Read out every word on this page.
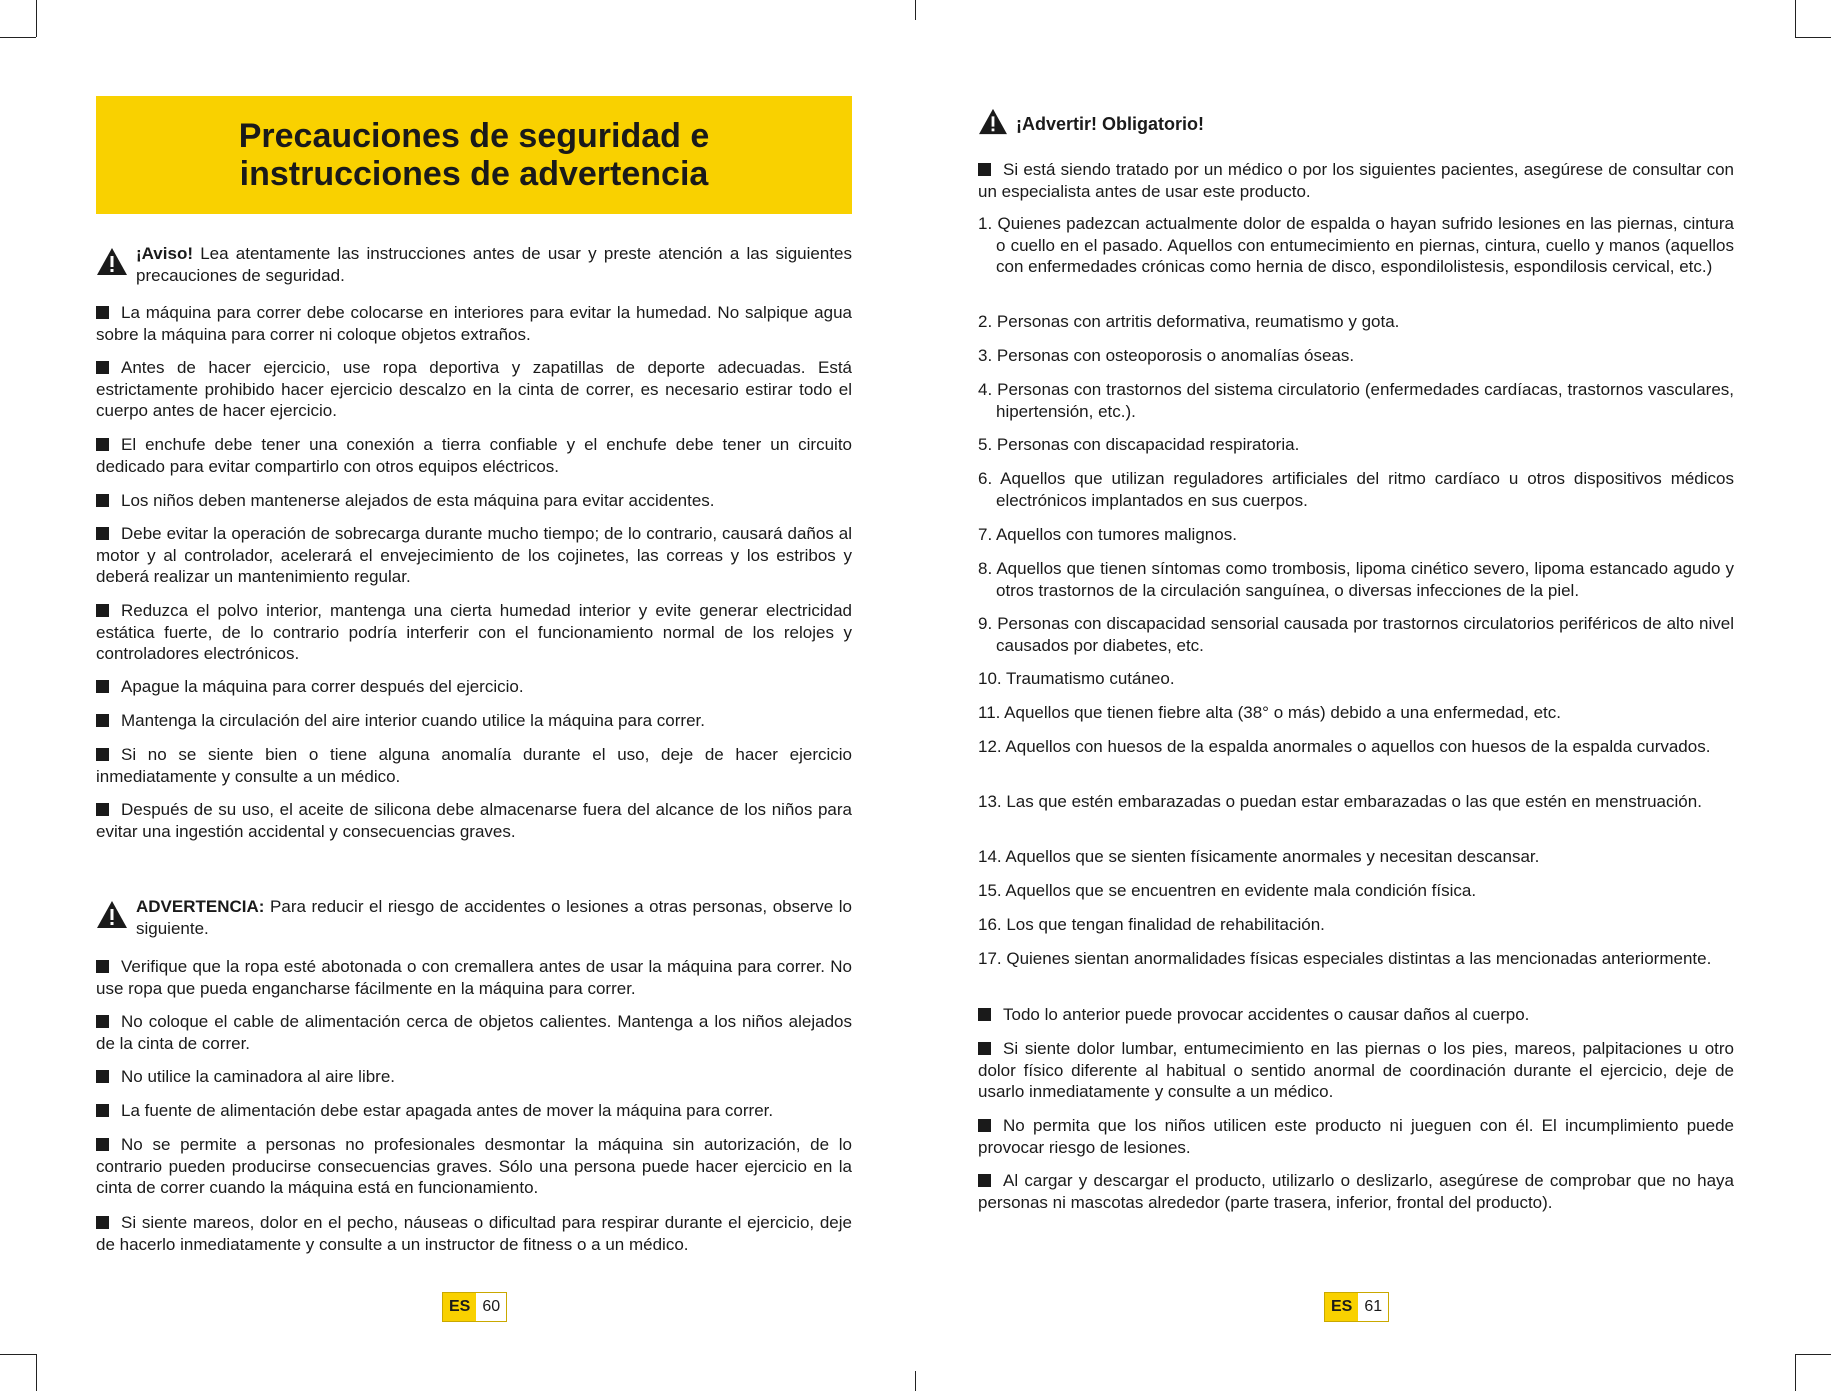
Precauciones de seguridad e instrucciones de advertencia
¡Aviso! Lea atentamente las instrucciones antes de usar y preste atención a las siguientes precauciones de seguridad.
La máquina para correr debe colocarse en interiores para evitar la humedad. No salpique agua sobre la máquina para correr ni coloque objetos extraños.
Antes de hacer ejercicio, use ropa deportiva y zapatillas de deporte adecuadas. Está estrictamente prohibido hacer ejercicio descalzo en la cinta de correr, es necesario estirar todo el cuerpo antes de hacer ejercicio.
El enchufe debe tener una conexión a tierra confiable y el enchufe debe tener un circuito dedicado para evitar compartirlo con otros equipos eléctricos.
Los niños deben mantenerse alejados de esta máquina para evitar accidentes.
Debe evitar la operación de sobrecarga durante mucho tiempo; de lo contrario, causará daños al motor y al controlador, acelerará el envejecimiento de los cojinetes, las correas y los estribos y deberá realizar un mantenimiento regular.
Reduzca el polvo interior, mantenga una cierta humedad interior y evite generar electricidad estática fuerte, de lo contrario podría interferir con el funcionamiento normal de los relojes y controladores electrónicos.
Apague la máquina para correr después del ejercicio.
Mantenga la circulación del aire interior cuando utilice la máquina para correr.
Si no se siente bien o tiene alguna anomalía durante el uso, deje de hacer ejercicio inmediatamente y consulte a un médico.
Después de su uso, el aceite de silicona debe almacenarse fuera del alcance de los niños para evitar una ingestión accidental y consecuencias graves.
ADVERTENCIA: Para reducir el riesgo de accidentes o lesiones a otras personas, observe lo siguiente.
Verifique que la ropa esté abotonada o con cremallera antes de usar la máquina para correr. No use ropa que pueda engancharse fácilmente en la máquina para correr.
No coloque el cable de alimentación cerca de objetos calientes. Mantenga a los niños alejados de la cinta de correr.
No utilice la caminadora al aire libre.
La fuente de alimentación debe estar apagada antes de mover la máquina para correr.
No se permite a personas no profesionales desmontar la máquina sin autorización, de lo contrario pueden producirse consecuencias graves. Sólo una persona puede hacer ejercicio en la cinta de correr cuando la máquina está en funcionamiento.
Si siente mareos, dolor en el pecho, náuseas o dificultad para respirar durante el ejercicio, deje de hacerlo inmediatamente y consulte a un instructor de fitness o a un médico.
ES 60
¡Advertir! Obligatorio!
Si está siendo tratado por un médico o por los siguientes pacientes, asegúrese de consultar con un especialista antes de usar este producto.
1. Quienes padezcan actualmente dolor de espalda o hayan sufrido lesiones en las piernas, cintura o cuello en el pasado. Aquellos con entumecimiento en piernas, cintura, cuello y manos (aquellos con enfermedades crónicas como hernia de disco, espondilolistesis, espondilosis cervical, etc.)
2. Personas con artritis deformativa, reumatismo y gota.
3. Personas con osteoporosis o anomalías óseas.
4. Personas con trastornos del sistema circulatorio (enfermedades cardíacas, trastornos vasculares, hipertensión, etc.).
5. Personas con discapacidad respiratoria.
6. Aquellos que utilizan reguladores artificiales del ritmo cardíaco u otros dispositivos médicos electrónicos implantados en sus cuerpos.
7. Aquellos con tumores malignos.
8. Aquellos que tienen síntomas como trombosis, lipoma cinético severo, lipoma estancado agudo y otros trastornos de la circulación sanguínea, o diversas infecciones de la piel.
9. Personas con discapacidad sensorial causada por trastornos circulatorios periféricos de alto nivel causados por diabetes, etc.
10. Traumatismo cutáneo.
11. Aquellos que tienen fiebre alta (38° o más) debido a una enfermedad, etc.
12. Aquellos con huesos de la espalda anormales o aquellos con huesos de la espalda curvados.
13. Las que estén embarazadas o puedan estar embarazadas o las que estén en menstruación.
14. Aquellos que se sienten físicamente anormales y necesitan descansar.
15. Aquellos que se encuentren en evidente mala condición física.
16. Los que tengan finalidad de rehabilitación.
17. Quienes sientan anormalidades físicas especiales distintas a las mencionadas anteriormente.
Todo lo anterior puede provocar accidentes o causar daños al cuerpo.
Si siente dolor lumbar, entumecimiento en las piernas o los pies, mareos, palpitaciones u otro dolor físico diferente al habitual o sentido anormal de coordinación durante el ejercicio, deje de usarlo inmediatamente y consulte a un médico.
No permita que los niños utilicen este producto ni jueguen con él. El incumplimiento puede provocar riesgo de lesiones.
Al cargar y descargar el producto, utilizarlo o deslizarlo, asegúrese de comprobar que no haya personas ni mascotas alrededor (parte trasera, inferior, frontal del producto).
ES 61
